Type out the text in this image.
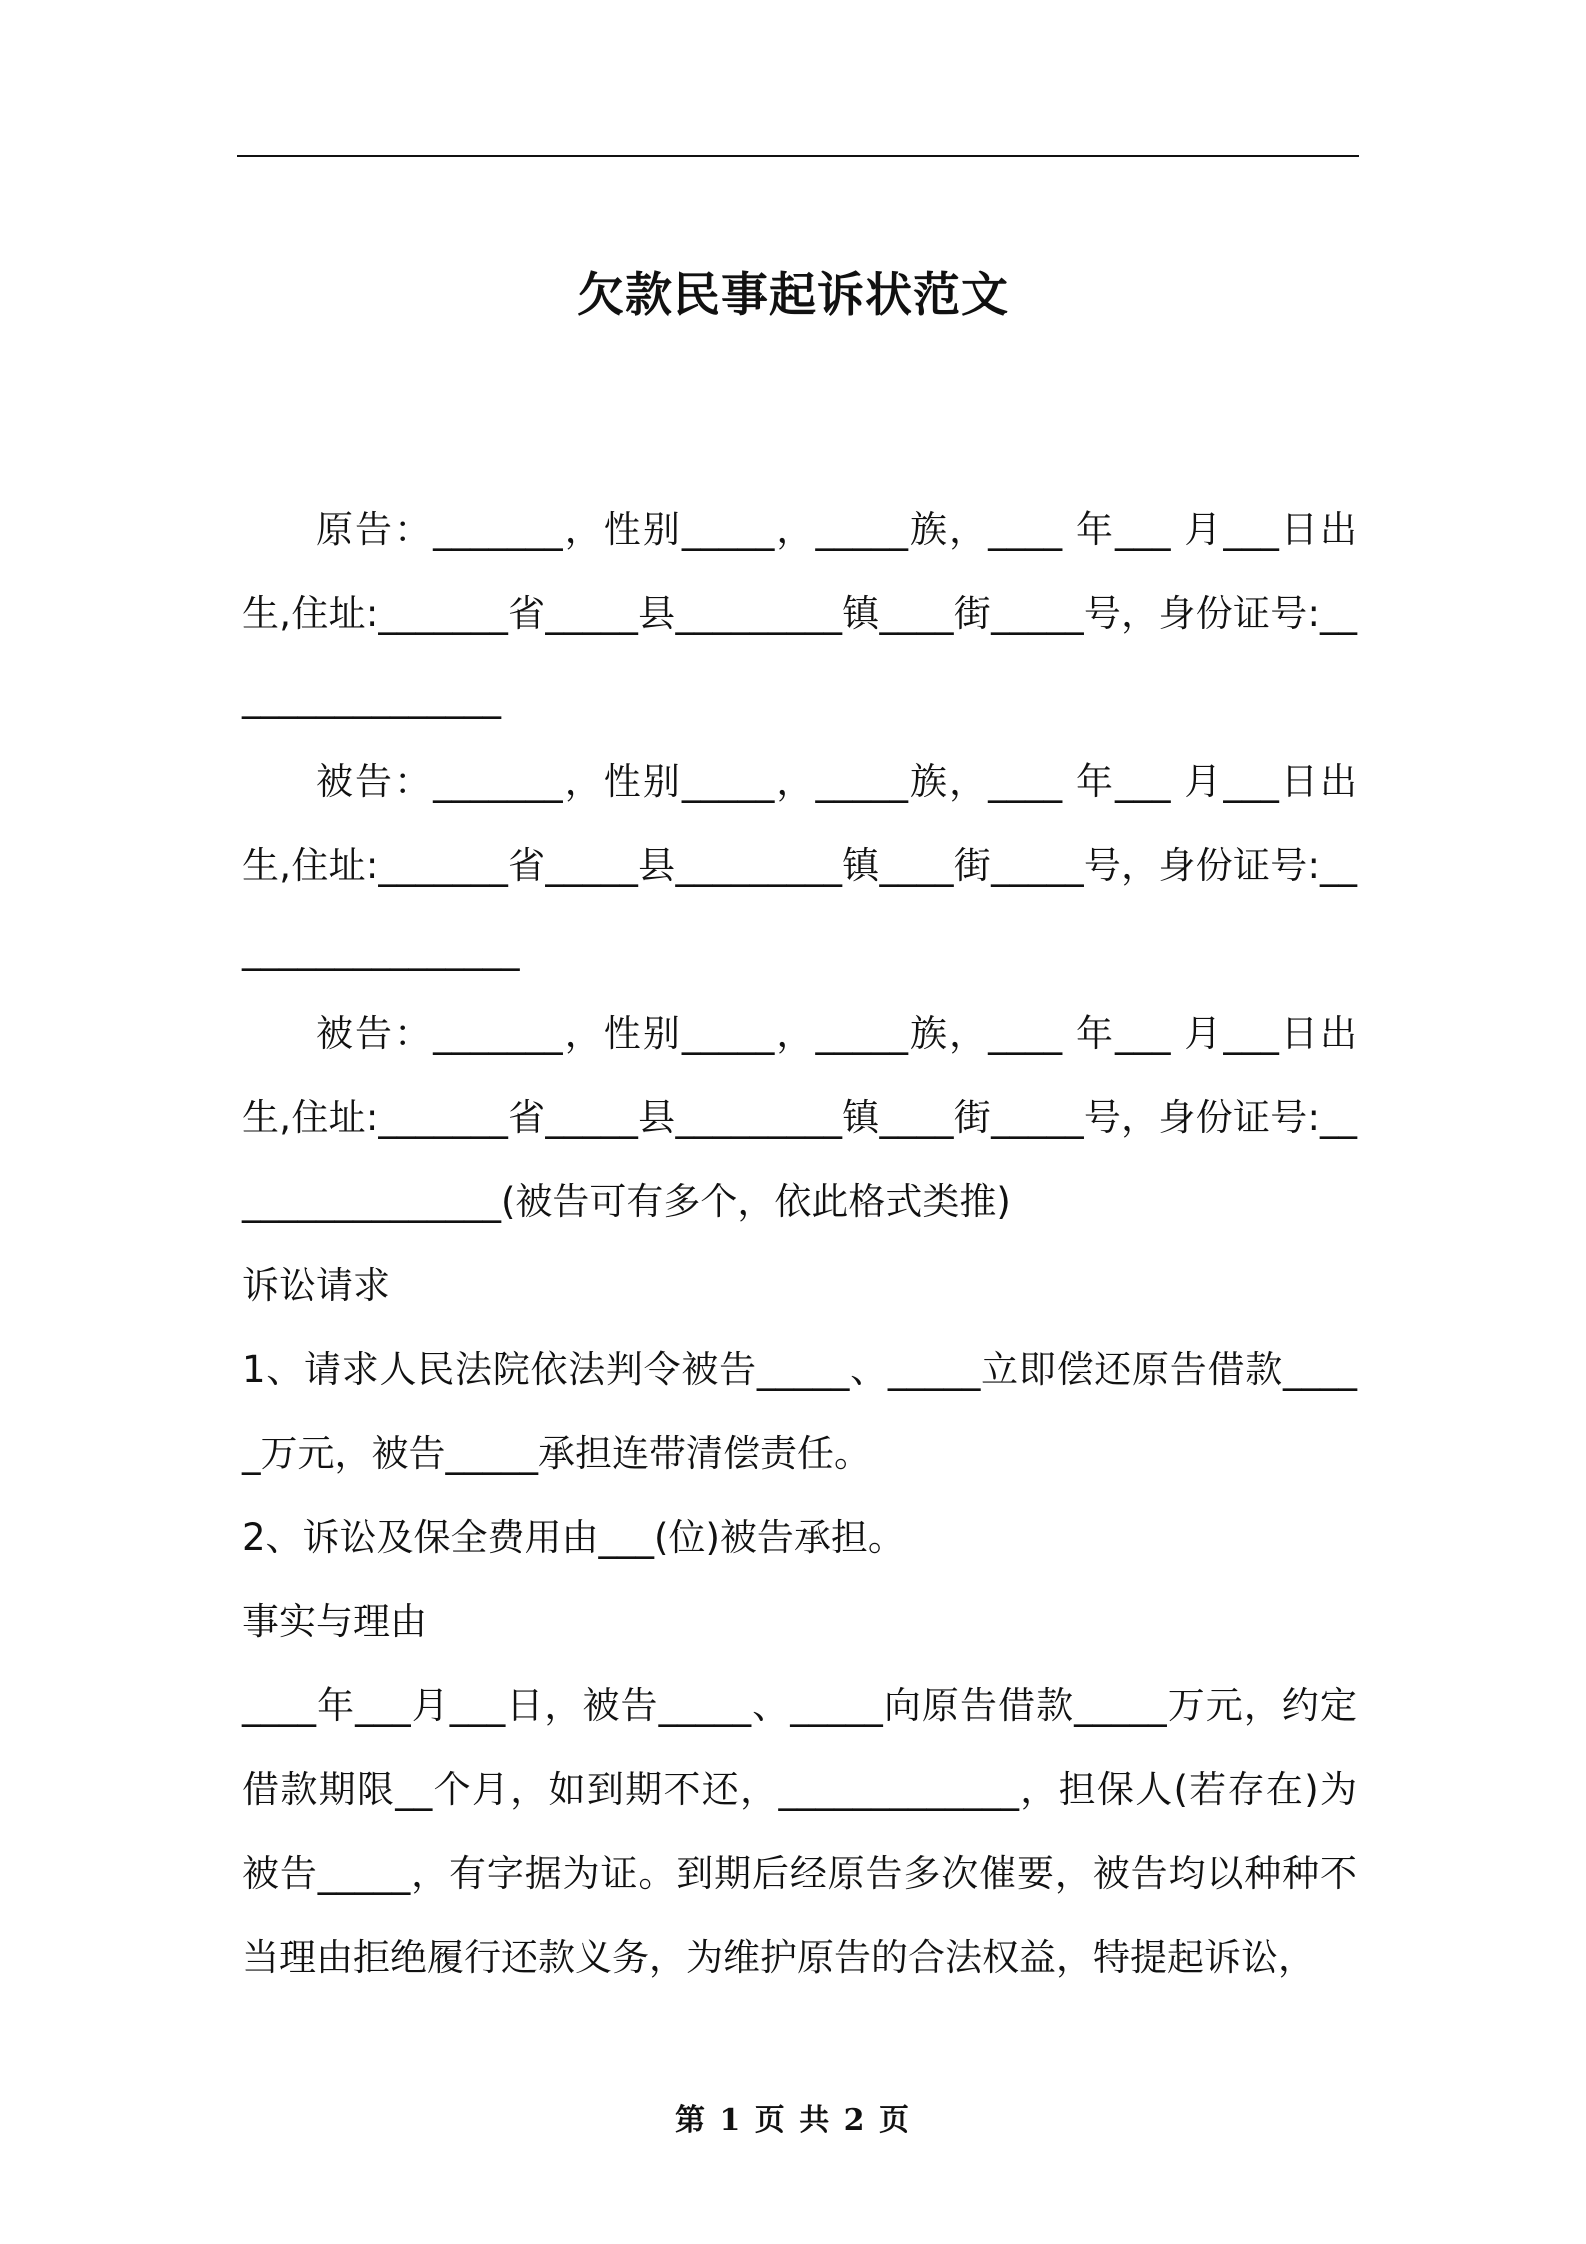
欠款民事起诉状范文

原告：_______，性别_____，_____族，____ 年___ 月___日出生,住址:_______省_____县_________镇____街_____号，身份证号:________________

被告：_______，性别_____，_____族，____ 年___ 月___日出生,住址:_______省_____县_________镇____街_____号，身份证号:_________________

被告：_______，性别_____，_____族，____ 年___ 月___日出生,住址:_______省_____县_________镇____街_____号，身份证号:________________(被告可有多个，依此格式类推)

诉讼请求

1、请求人民法院依法判令被告_____、_____立即偿还原告借款_____万元，被告_____承担连带清偿责任。

2、诉讼及保全费用由___(位)被告承担。

事实与理由

____年___月___日，被告_____、_____向原告借款_____万元，约定借款期限__个月，如到期不还，_____________，担保人(若存在)为被告_____，有字据为证。到期后经原告多次催要，被告均以种种不当理由拒绝履行还款义务，为维护原告的合法权益，特提起诉讼，

第 1 页 共 2 页
